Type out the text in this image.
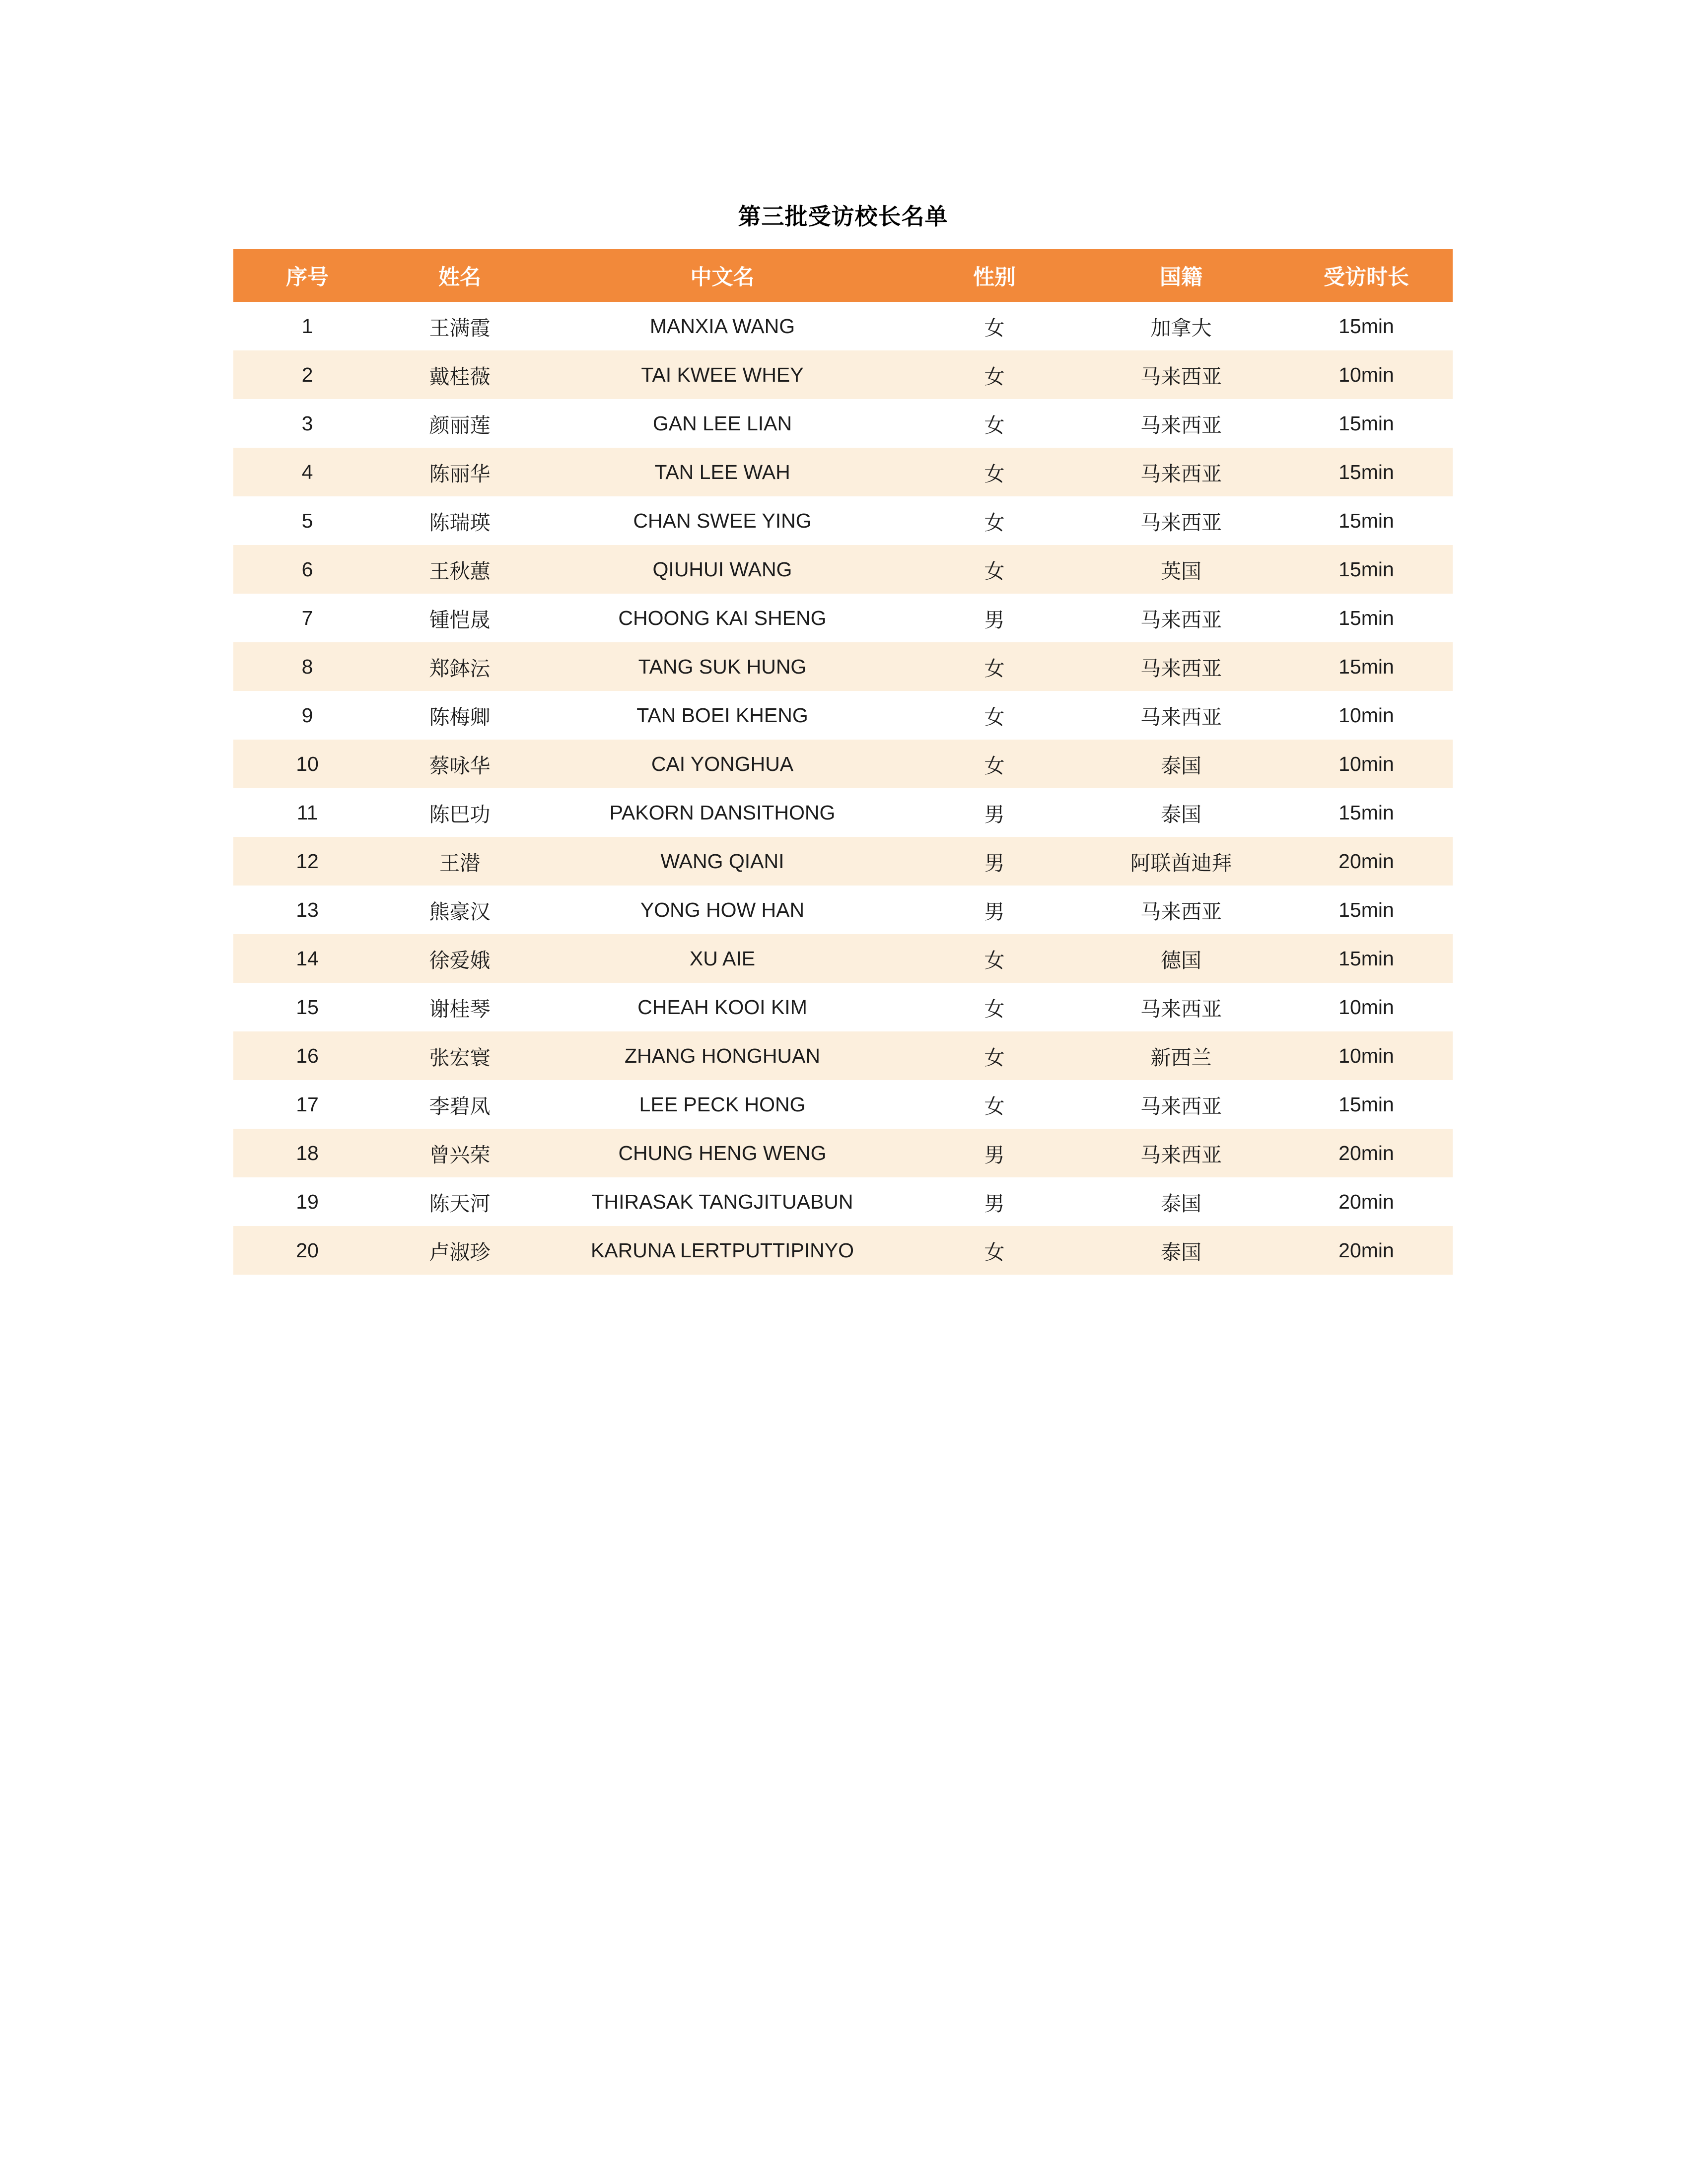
第三批受访校长名单
序号	姓名	中文名	性别	国籍	受访时长
1	王满霞	MANXIA WANG	女	加拿大	15min
2	戴桂薇	TAI KWEE WHEY	女	马来西亚	10min
3	颜丽莲	GAN LEE LIAN	女	马来西亚	15min
4	陈丽华	TAN LEE WAH	女	马来西亚	15min
5	陈瑞瑛	CHAN SWEE YING	女	马来西亚	15min
6	王秋蕙	QIUHUI WANG	女	英国	15min
7	锺恺晟	CHOONG KAI SHENG	男	马来西亚	15min
8	郑鉢沄	TANG SUK HUNG	女	马来西亚	15min
9	陈梅卿	TAN BOEI KHENG	女	马来西亚	10min
10	蔡咏华	CAI YONGHUA	女	泰国	10min
11	陈巴功	PAKORN DANSITHONG	男	泰国	15min
12	王潜	WANG QIANI	男	阿联酋迪拜	20min
13	熊豪汉	YONG HOW HAN	男	马来西亚	15min
14	徐爱娥	XU AIE	女	德国	15min
15	谢桂琴	CHEAH KOOI KIM	女	马来西亚	10min
16	张宏寰	ZHANG HONGHUAN	女	新西兰	10min
17	李碧凤	LEE PECK HONG	女	马来西亚	15min
18	曾兴荣	CHUNG HENG WENG	男	马来西亚	20min
19	陈天河	THIRASAK TANGJITUABUN	男	泰国	20min
20	卢淑珍	KARUNA LERTPUTTIPINYO	女	泰国	20min
